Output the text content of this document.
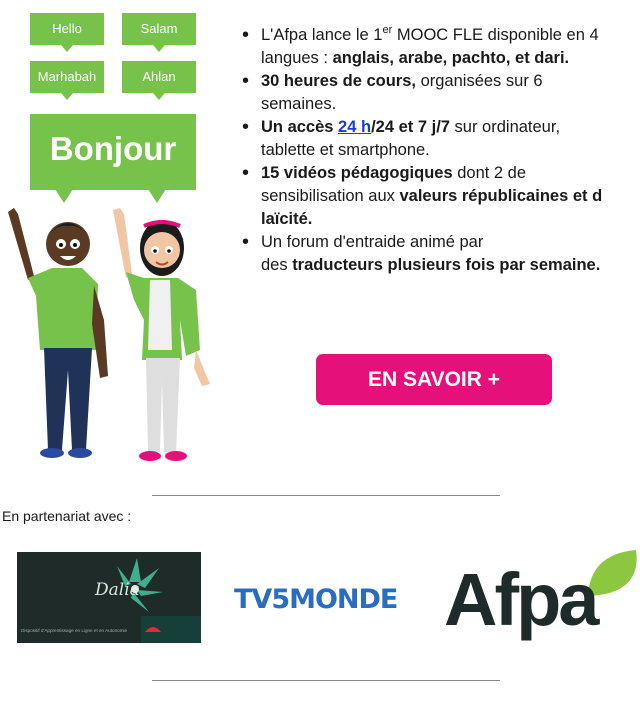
Hello	Salam
Marhabah	Ahlan
Bonjour
• L'Afpa lance le 1er MOOC FLE disponible en 4
langues : anglais, arabe, pachto, et dari.
• 30 heures de cours, organisées sur 6
semaines.
• Un accès 24 h/24 et 7 j/7 sur ordinateur,
tablette et smartphone.
• 15 vidéos pédagogiques dont 2 de
sensibilisation aux valeurs républicaines et d
laïcité.
• Un forum d'entraide animé par
des traducteurs plusieurs fois par semaine.
EN SAVOIR +
En partenariat avec :
Dalia
Dispositif d'Apprentissage en Ligne et en Autonomie
TV5MONDE Afpa
